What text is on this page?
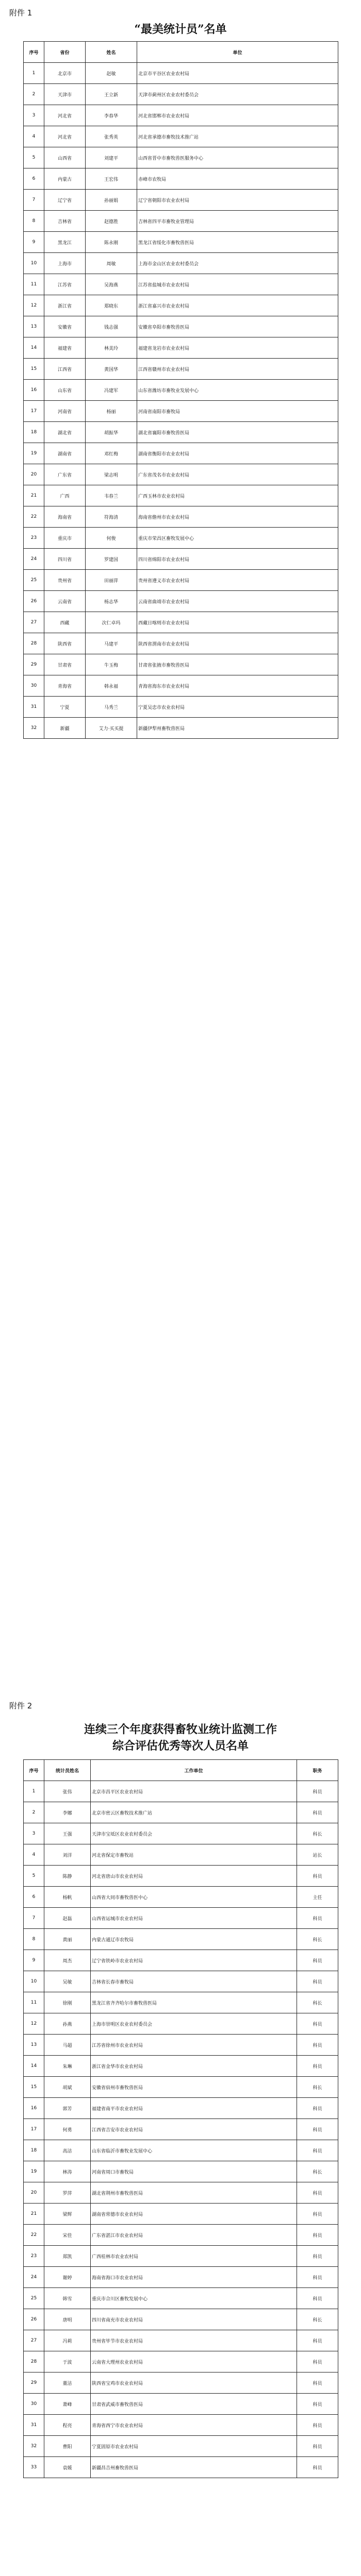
附件 1
“最美统计员”名单
序号	省份	姓名	单位
1	北京市	赵敏	北京市平谷区农业农村局
2	天津市	王立新	天津市蓟州区农业农村委员会
3	河北省	李春华	河北省邯郸市农业农村局
4	河北省	张秀英	河北省承德市畜牧技术推广站
5	山西省	刘建平	山西省晋中市畜牧兽医服务中心
6	内蒙古	王宏伟	赤峰市农牧局
7	辽宁省	孙丽娟	辽宁省朝阳市农业农村局
8	吉林省	赵德胜	吉林省四平市畜牧业管理局
9	黑龙江	陈永刚	黑龙江省绥化市畜牧兽医局
10	上海市	周敏	上海市金山区农业农村委员会
11	江苏省	吴海燕	江苏省盐城市农业农村局
12	浙江省	郑晓东	浙江省嘉兴市农业农村局
13	安徽省	钱志强	安徽省阜阳市畜牧兽医局
14	福建省	林美玲	福建省龙岩市农业农村局
15	江西省	黄国华	江西省赣州市农业农村局
16	山东省	冯建军	山东省潍坊市畜牧业发展中心
17	河南省	杨丽	河南省南阳市畜牧局
18	湖北省	胡振华	湖北省襄阳市畜牧兽医局
19	湖南省	邓红梅	湖南省衡阳市农业农村局
20	广东省	梁志明	广东省茂名市农业农村局
21	广西	韦春兰	广西玉林市农业农村局
22	海南省	符海清	海南省儋州市农业农村局
23	重庆市	何俊	重庆市荣昌区畜牧发展中心
24	四川省	罗建国	四川省绵阳市农业农村局
25	贵州省	田丽萍	贵州省遵义市农业农村局
26	云南省	杨志华	云南省曲靖市农业农村局
27	西藏	次仁卓玛	西藏日喀则市农业农村局
28	陕西省	马建平	陕西省渭南市农业农村局
29	甘肃省	牛玉梅	甘肃省张掖市畜牧兽医局
30	青海省	韩永福	青海省海东市农业农村局
31	宁夏	马秀兰	宁夏吴忠市农业农村局
32	新疆	艾力·买买提	新疆伊犁州畜牧兽医局
附件 2
连续三个年度获得畜牧业统计监测工作
综合评估优秀等次人员名单
序号	统计员姓名	工作单位	职务
1	张伟	北京市昌平区农业农村局	科员
2	李娜	北京市密云区畜牧技术推广站	科员
3	王强	天津市宝坻区农业农村委员会	科长
4	刘洋	河北省保定市畜牧站	站长
5	陈静	河北省唐山市农业农村局	科员
6	杨帆	山西省大同市畜牧兽医中心	主任
7	赵磊	山西省运城市农业农村局	科员
8	黄丽	内蒙古通辽市农牧局	科长
9	周杰	辽宁省铁岭市农业农村局	科员
10	吴敏	吉林省长春市畜牧局	科员
11	徐刚	黑龙江省齐齐哈尔市畜牧兽医局	科长
12	孙燕	上海市崇明区农业农村委员会	科员
13	马超	江苏省徐州市农业农村局	科员
14	朱琳	浙江省金华市农业农村局	科员
15	胡斌	安徽省宿州市畜牧兽医局	科长
16	郭芳	福建省南平市农业农村局	科员
17	何勇	江西省吉安市农业农村局	科员
18	高洁	山东省临沂市畜牧业发展中心	科员
19	林涛	河南省周口市畜牧局	科长
20	罗萍	湖北省荆州市畜牧兽医局	科员
21	梁辉	湖南省常德市农业农村局	科员
22	宋佳	广东省湛江市农业农村局	科员
23	郑凯	广西桂林市农业农村局	科员
24	谢婷	海南省海口市农业农村局	科员
25	韩雪	重庆市合川区畜牧发展中心	科员
26	唐明	四川省南充市农业农村局	科长
27	冯莉	贵州省毕节市农业农村局	科员
28	于波	云南省大理州农业农村局	科员
29	董洁	陕西省宝鸡市农业农村局	科员
30	萧峰	甘肃省武威市畜牧兽医局	科员
31	程亮	青海省西宁市农业农村局	科员
32	曹阳	宁夏固原市农业农村局	科员
33	袁媛	新疆昌吉州畜牧兽医局	科员
